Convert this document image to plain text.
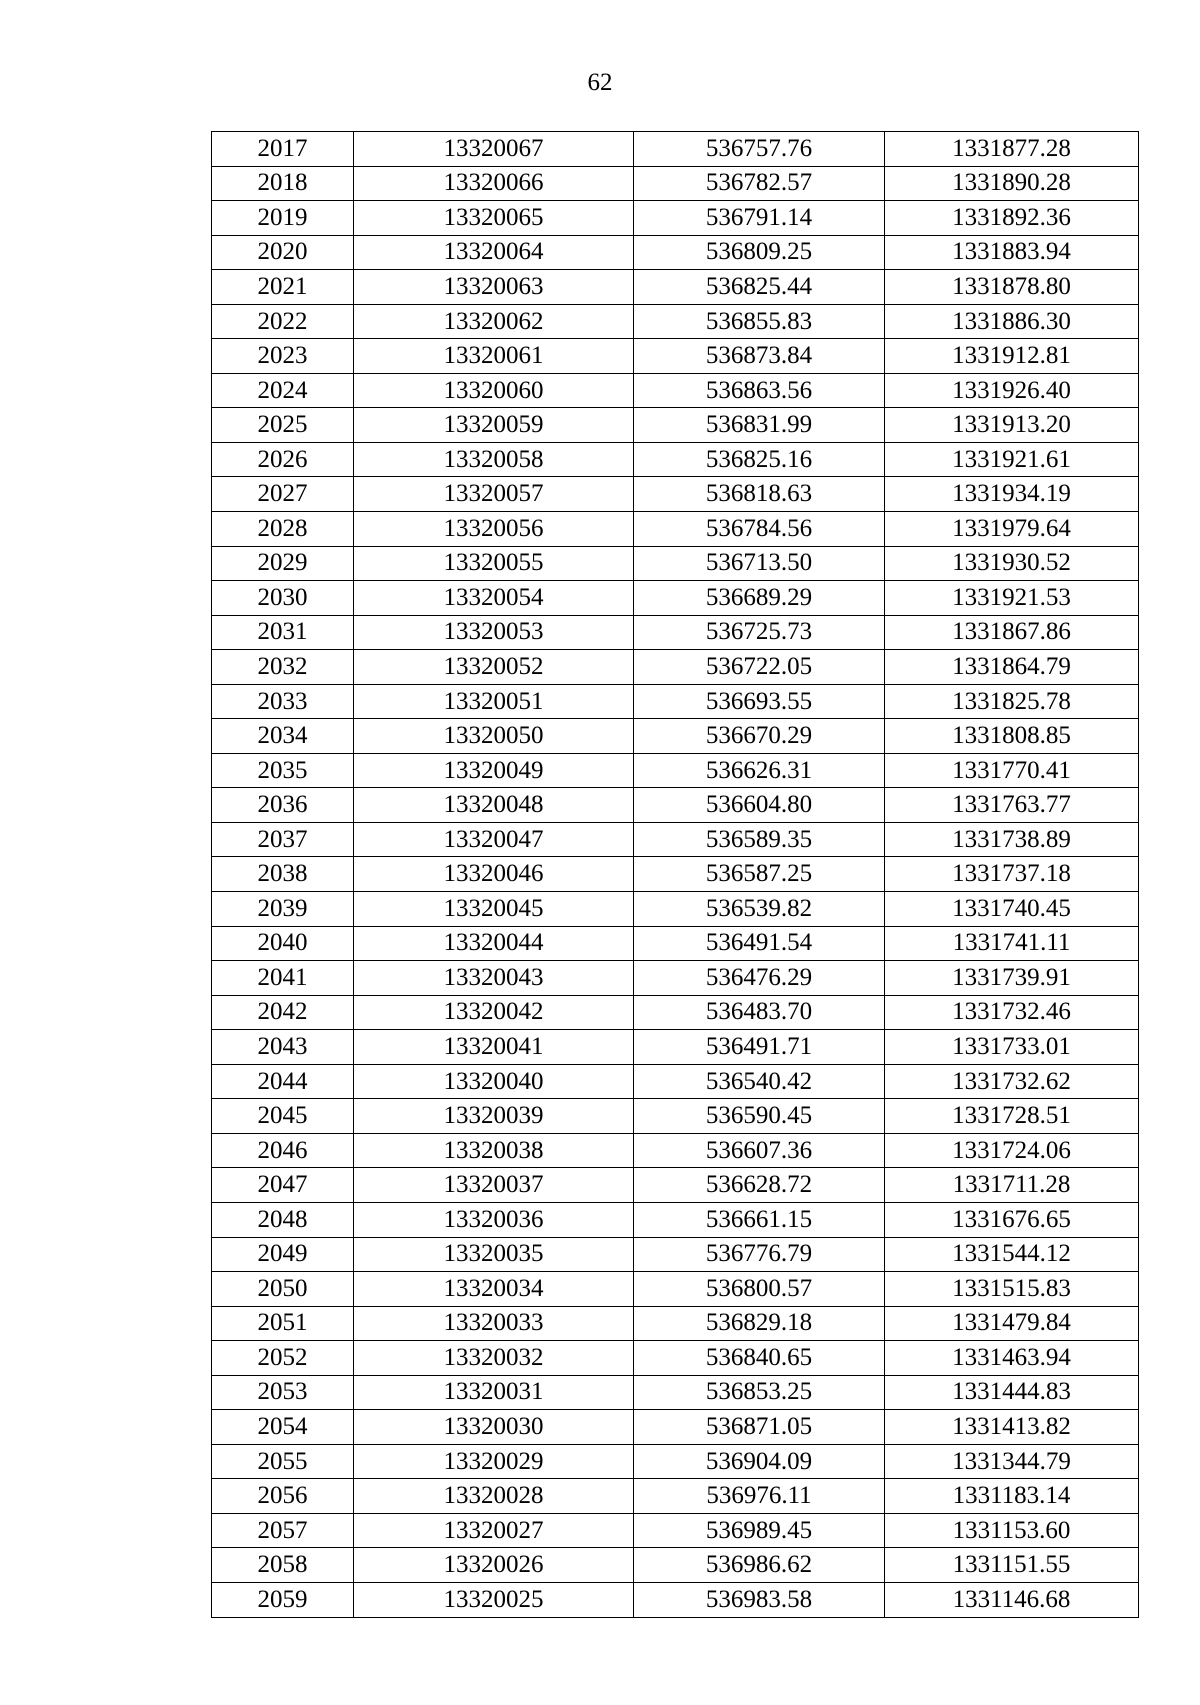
62
2017	13320067	536757.76	1331877.28
2018	13320066	536782.57	1331890.28
2019	13320065	536791.14	1331892.36
2020	13320064	536809.25	1331883.94
2021	13320063	536825.44	1331878.80
2022	13320062	536855.83	1331886.30
2023	13320061	536873.84	1331912.81
2024	13320060	536863.56	1331926.40
2025	13320059	536831.99	1331913.20
2026	13320058	536825.16	1331921.61
2027	13320057	536818.63	1331934.19
2028	13320056	536784.56	1331979.64
2029	13320055	536713.50	1331930.52
2030	13320054	536689.29	1331921.53
2031	13320053	536725.73	1331867.86
2032	13320052	536722.05	1331864.79
2033	13320051	536693.55	1331825.78
2034	13320050	536670.29	1331808.85
2035	13320049	536626.31	1331770.41
2036	13320048	536604.80	1331763.77
2037	13320047	536589.35	1331738.89
2038	13320046	536587.25	1331737.18
2039	13320045	536539.82	1331740.45
2040	13320044	536491.54	1331741.11
2041	13320043	536476.29	1331739.91
2042	13320042	536483.70	1331732.46
2043	13320041	536491.71	1331733.01
2044	13320040	536540.42	1331732.62
2045	13320039	536590.45	1331728.51
2046	13320038	536607.36	1331724.06
2047	13320037	536628.72	1331711.28
2048	13320036	536661.15	1331676.65
2049	13320035	536776.79	1331544.12
2050	13320034	536800.57	1331515.83
2051	13320033	536829.18	1331479.84
2052	13320032	536840.65	1331463.94
2053	13320031	536853.25	1331444.83
2054	13320030	536871.05	1331413.82
2055	13320029	536904.09	1331344.79
2056	13320028	536976.11	1331183.14
2057	13320027	536989.45	1331153.60
2058	13320026	536986.62	1331151.55
2059	13320025	536983.58	1331146.68
